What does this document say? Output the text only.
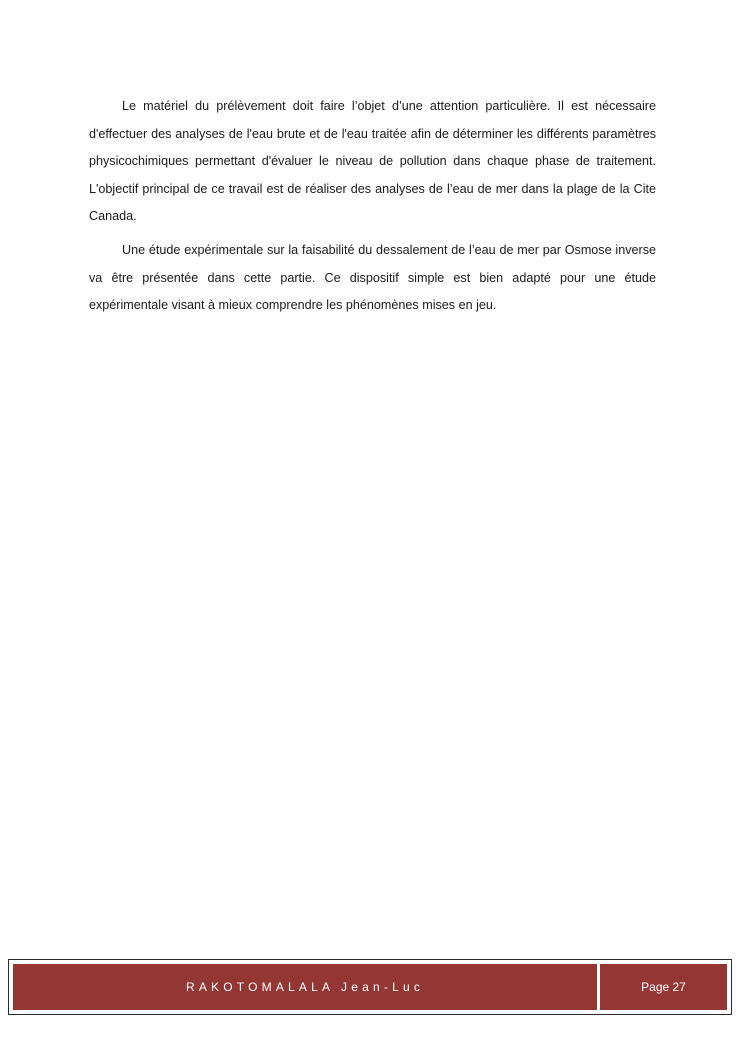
Le matériel du prélèvement doit faire l’objet d’une attention particulière. Il est nécessaire d'effectuer des analyses de l'eau brute et de l'eau traitée afin de déterminer les différents paramètres physicochimiques permettant d'évaluer le niveau de pollution dans chaque phase de traitement. L'objectif principal de ce travail est de réaliser des analyses de l’eau de mer dans la plage de la Cite Canada.

Une étude expérimentale sur la faisabilité du dessalement de l’eau de mer par Osmose inverse va être présentée dans cette partie. Ce dispositif simple est bien adapté pour une étude expérimentale visant à mieux comprendre les phénomènes mises en jeu.

RAKOTOMALALA Jean-Luc	Page 27
